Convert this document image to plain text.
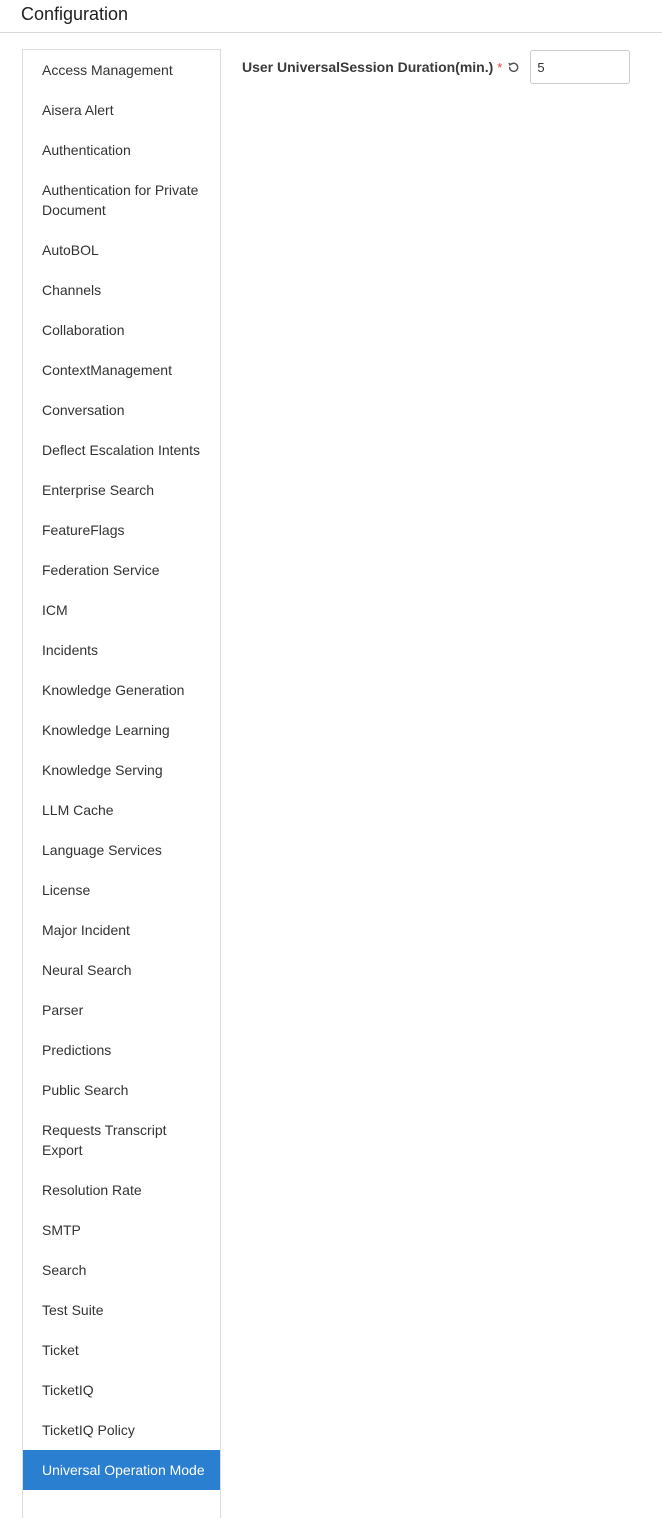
Configuration
Access Management
Aisera Alert
Authentication
Authentication for Private Document
AutoBOL
Channels
Collaboration
ContextManagement
Conversation
Deflect Escalation Intents
Enterprise Search
FeatureFlags
Federation Service
ICM
Incidents
Knowledge Generation
Knowledge Learning
Knowledge Serving
LLM Cache
Language Services
License
Major Incident
Neural Search
Parser
Predictions
Public Search
Requests Transcript Export
Resolution Rate
SMTP
Search
Test Suite
Ticket
TicketIQ
TicketIQ Policy
Universal Operation Mode
User UniversalSession Duration(min.) *
5
